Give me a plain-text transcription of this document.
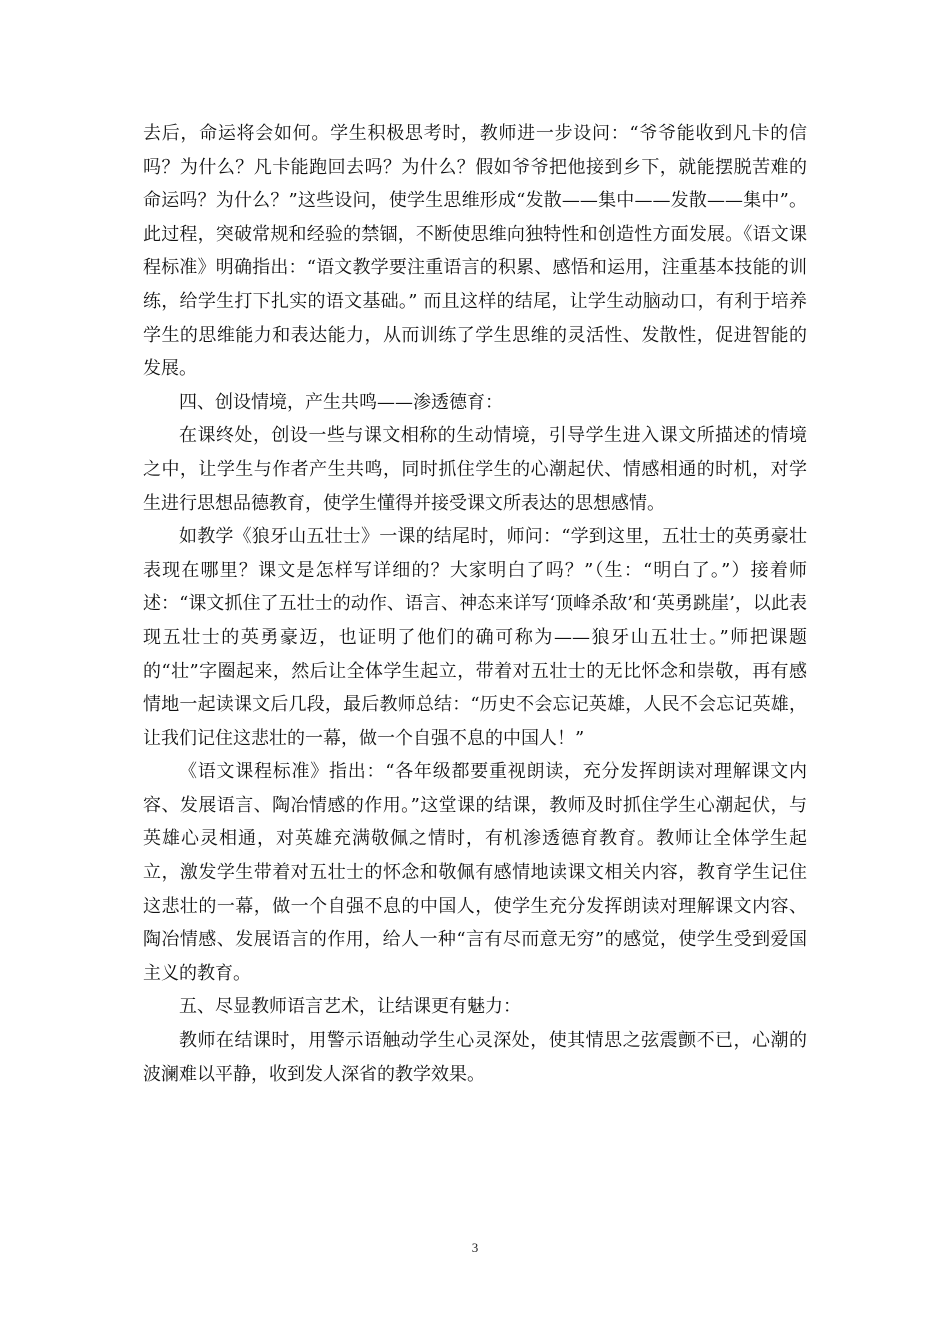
去后，命运将会如何。学生积极思考时，教师进一步设问：“爷爷能收到凡卡的信吗？为什么？凡卡能跑回去吗？为什么？假如爷爷把他接到乡下，就能摆脱苦难的命运吗？为什么？”这些设问，使学生思维形成“发散——集中——发散——集中”。此过程，突破常规和经验的禁锢，不断使思维向独特性和创造性方面发展。《语文课程标准》明确指出：“语文教学要注重语言的积累、感悟和运用，注重基本技能的训练，给学生打下扎实的语文基础。” 而且这样的结尾，让学生动脑动口，有利于培养学生的思维能力和表达能力，从而训练了学生思维的灵活性、发散性，促进智能的发展。

四、创设情境，产生共鸣——渗透德育：

在课终处，创设一些与课文相称的生动情境，引导学生进入课文所描述的情境之中，让学生与作者产生共鸣，同时抓住学生的心潮起伏、情感相通的时机，对学生进行思想品德教育，使学生懂得并接受课文所表达的思想感情。

如教学《狼牙山五壮士》一课的结尾时，师问：“学到这里，五壮士的英勇豪壮表现在哪里？课文是怎样写详细的？大家明白了吗？”（生：“明白了。”）接着师述：“课文抓住了五壮士的动作、语言、神态来详写‘顶峰杀敌’和‘英勇跳崖’，以此表现五壮士的英勇豪迈，也证明了他们的确可称为——狼牙山五壮士。”师把课题的“壮”字圈起来，然后让全体学生起立，带着对五壮士的无比怀念和崇敬，再有感情地一起读课文后几段，最后教师总结：“历史不会忘记英雄，人民不会忘记英雄，让我们记住这悲壮的一幕，做一个自强不息的中国人！”

《语文课程标准》指出：“各年级都要重视朗读，充分发挥朗读对理解课文内容、发展语言、陶冶情感的作用。”这堂课的结课，教师及时抓住学生心潮起伏，与英雄心灵相通，对英雄充满敬佩之情时，有机渗透德育教育。教师让全体学生起立，激发学生带着对五壮士的怀念和敬佩有感情地读课文相关内容，教育学生记住这悲壮的一幕，做一个自强不息的中国人，使学生充分发挥朗读对理解课文内容、陶冶情感、发展语言的作用，给人一种“言有尽而意无穷”的感觉，使学生受到爱国主义的教育。

五、尽显教师语言艺术，让结课更有魅力：

教师在结课时，用警示语触动学生心灵深处，使其情思之弦震颤不已，心潮的波澜难以平静，收到发人深省的教学效果。

3
